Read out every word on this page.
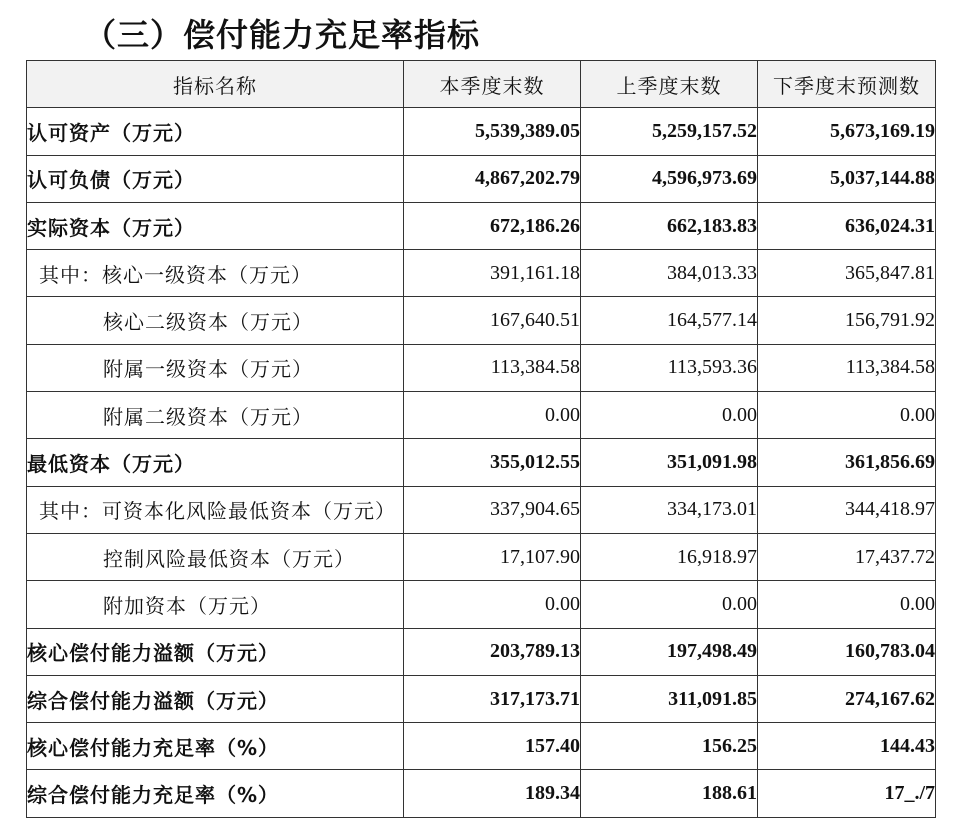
（三）偿付能力充足率指标
指标名称	本季度末数	上季度末数	下季度末预测数
认可资产（万元）	5,539,389.05	5,259,157.52	5,673,169.19
认可负债（万元）	4,867,202.79	4,596,973.69	5,037,144.88
实际资本（万元）	672,186.26	662,183.83	636,024.31
其中：核心一级资本（万元）	391,161.18	384,013.33	365,847.81
核心二级资本（万元）	167,640.51	164,577.14	156,791.92
附属一级资本（万元）	113,384.58	113,593.36	113,384.58
附属二级资本（万元）	0.00	0.00	0.00
最低资本（万元）	355,012.55	351,091.98	361,856.69
其中：可资本化风险最低资本（万元）	337,904.65	334,173.01	344,418.97
控制风险最低资本（万元）	17,107.90	16,918.97	17,437.72
附加资本（万元）	0.00	0.00	0.00
核心偿付能力溢额（万元）	203,789.13	197,498.49	160,783.04
综合偿付能力溢额（万元）	317,173.71	311,091.85	274,167.62
核心偿付能力充足率（%）	157.40	156.25	144.43
综合偿付能力充足率（%）	189.34	188.61	17_./7
